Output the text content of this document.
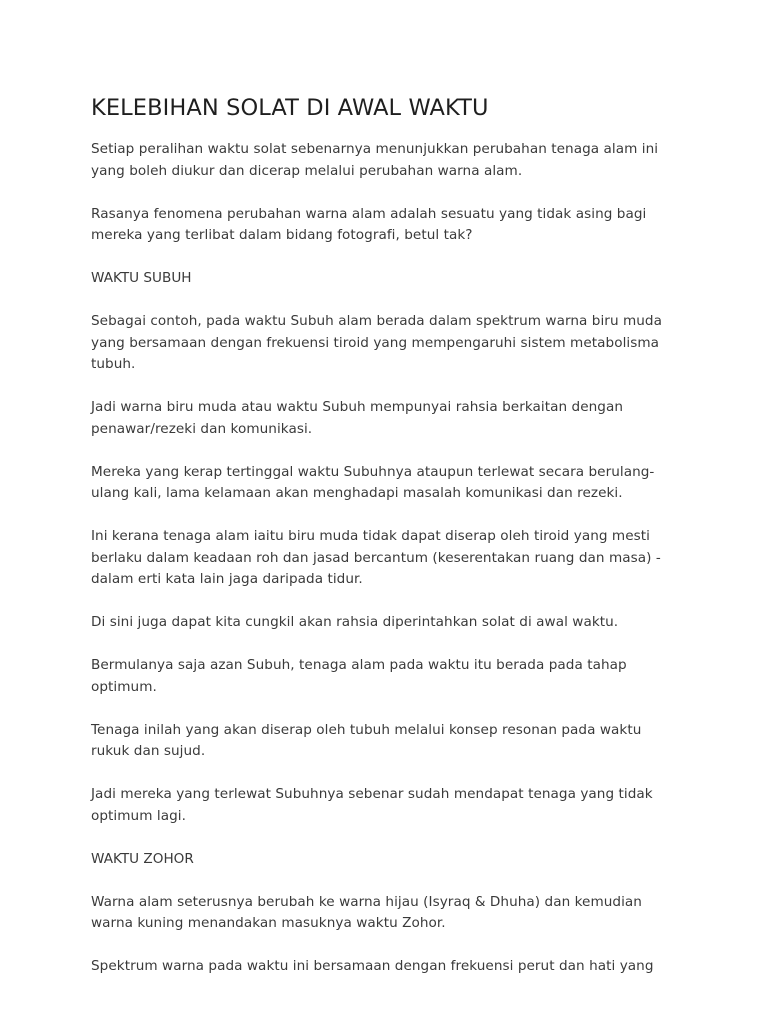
KELEBIHAN SOLAT DI AWAL WAKTU

Setiap peralihan waktu solat sebenarnya menunjukkan perubahan tenaga alam ini yang boleh diukur dan dicerap melalui perubahan warna alam.

Rasanya fenomena perubahan warna alam adalah sesuatu yang tidak asing bagi mereka yang terlibat dalam bidang fotografi, betul tak?

WAKTU SUBUH

Sebagai contoh, pada waktu Subuh alam berada dalam spektrum warna biru muda yang bersamaan dengan frekuensi tiroid yang mempengaruhi sistem metabolisma tubuh.

Jadi warna biru muda atau waktu Subuh mempunyai rahsia berkaitan dengan penawar/rezeki dan komunikasi.

Mereka yang kerap tertinggal waktu Subuhnya ataupun terlewat secara berulang-ulang kali, lama kelamaan akan menghadapi masalah komunikasi dan rezeki.

Ini kerana tenaga alam iaitu biru muda tidak dapat diserap oleh tiroid yang mesti berlaku dalam keadaan roh dan jasad bercantum (keserentakan ruang dan masa) - dalam erti kata lain jaga daripada tidur.

Di sini juga dapat kita cungkil akan rahsia diperintahkan solat di awal waktu.

Bermulanya saja azan Subuh, tenaga alam pada waktu itu berada pada tahap optimum.

Tenaga inilah yang akan diserap oleh tubuh melalui konsep resonan pada waktu rukuk dan sujud.

Jadi mereka yang terlewat Subuhnya sebenar sudah mendapat tenaga yang tidak optimum lagi.

WAKTU ZOHOR

Warna alam seterusnya berubah ke warna hijau (Isyraq & Dhuha) dan kemudian warna kuning menandakan masuknya waktu Zohor.

Spektrum warna pada waktu ini bersamaan dengan frekuensi perut dan hati yang
